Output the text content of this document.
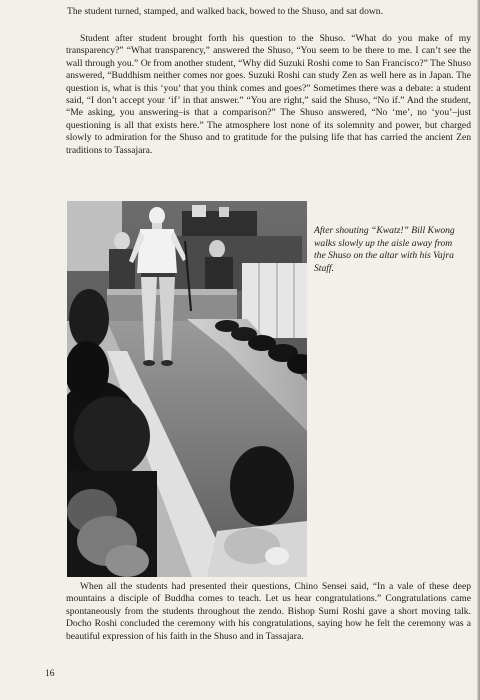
The student turned, stamped, and walked back, bowed to the Shuso, and sat down.
Student after student brought forth his question to the Shuso. “What do you make of my transparency?” “What transparency,” answered the Shuso, “You seem to be there to me. I can’t see the wall through you.” Or from another student, “Why did Suzuki Roshi come to San Francisco?” The Shuso answered, “Buddhism neither comes nor goes. Suzuki Roshi can study Zen as well here as in Japan. The question is, what is this ‘you’ that you think comes and goes?” Sometimes there was a debate: a student said, “I don’t accept your ‘if’ in that answer.” “You are right,” said the Shuso, “No if.” And the student, “Me asking, you answering–is that a comparison?” The Shuso answered, “No ‘me’, no ‘you’–just questioning is all that exists here.” The atmosphere lost none of its solemnity and power, but charged slowly to admiration for the Shuso and to gratitude for the pulsing life that has carried the ancient Zen traditions to Tassajara.
After shouting “Kwatz!” Bill Kwong walks slowly up the aisle away from the Shuso on the altar with his Vajra Staff.
When all the students had presented their questions, Chino Sensei said, “In a vale of these deep mountains a disciple of Buddha comes to teach. Let us hear congratulations.” Congratulations came spontaneously from the students throughout the zendo. Bishop Sumi Roshi gave a short moving talk. Docho Roshi concluded the ceremony with his congratulations, saying how he felt the ceremony was a beautiful expression of his faith in the Shuso and in Tassajara.
16
